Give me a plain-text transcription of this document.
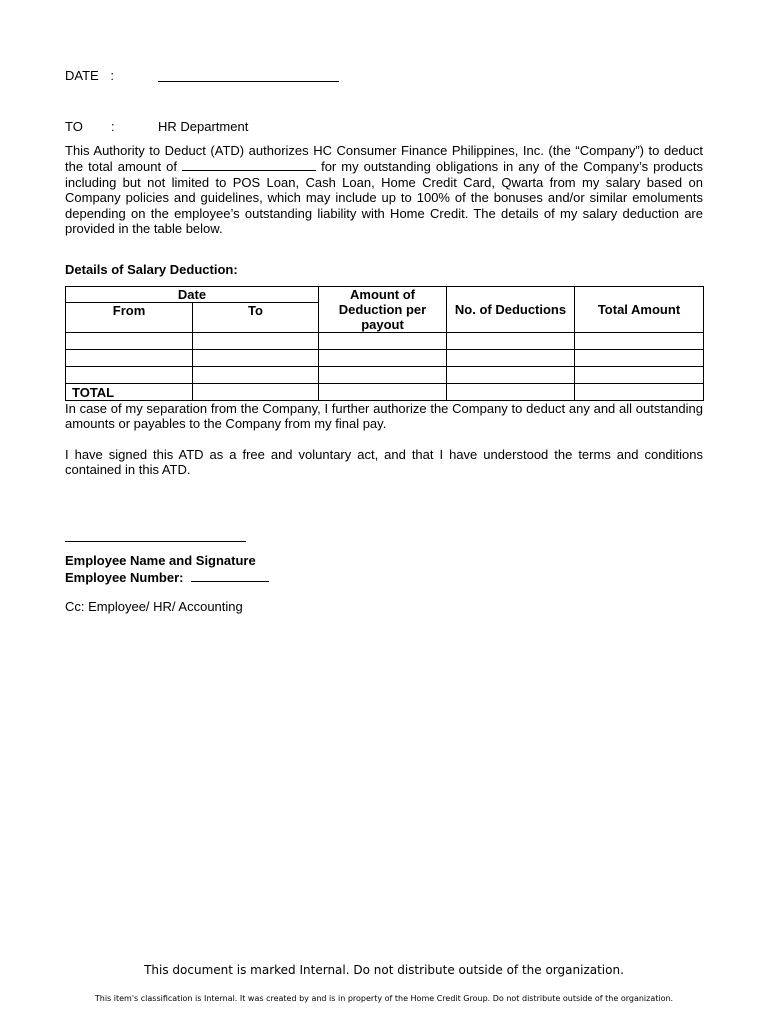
DATE :
TO :	HR Department
This Authority to Deduct (ATD) authorizes HC Consumer Finance Philippines, Inc. (the “Company”) to deduct the total amount of	for my outstanding obligations in any of the Company’s products including but not limited to POS Loan, Cash Loan, Home Credit Card, Qwarta from my salary based on Company policies and guidelines, which may include up to 100% of the bonuses and/or similar emoluments depending on the employee’s outstanding liability with Home Credit. The details of my salary deduction are provided in the table below.
Details of Salary Deduction:
Date		Amount of Deduction per payout	No. of Deductions	Total Amount
From	To			

TOTAL				
In case of my separation from the Company, I further authorize the Company to deduct any and all outstanding amounts or payables to the Company from my final pay.
I have signed this ATD as a free and voluntary act, and that I have understood the terms and conditions contained in this ATD.
Employee Name and Signature
Employee Number:
Cc: Employee/ HR/ Accounting
This document is marked Internal. Do not distribute outside of the organization.
This item's classification is Internal. It was created by and is in property of the Home Credit Group. Do not distribute outside of the organization.
